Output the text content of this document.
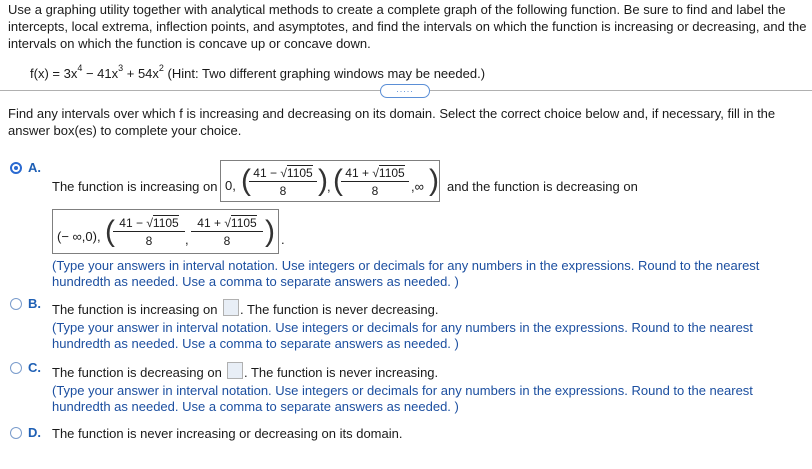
Use a graphing utility together with analytical methods to create a complete graph of the following function. Be sure to find and label the intercepts, local extrema, inflection points, and asymptotes, and find the intervals on which the function is increasing or decreasing, and the intervals on which the function is concave up or concave down.
$f(x) = 3x^4 - 41x^3 + 54x^2$ (Hint: Two different graphing windows may be needed.)
.....
Find any intervals over which f is increasing and decreasing on its domain. Select the correct choice below and, if necessary, fill in the answer box(es) to complete your choice.
A.
The function is increasing on 0, (
$\frac{41 - √1105}{8}$ ) , (
$\frac{41 + √1105}{8}$ ,∞ ) and the function is decreasing on
(− ∞,0), (
$\frac{41 - √1105}{8}$ , $\frac{41 + √1105}{8}$ ) .
(Type your answers in interval notation. Use integers or decimals for any numbers in the expressions. Round to the nearest hundredth as needed. Use a comma to separate answers as needed. )
B. The function is increasing on . The function is never decreasing.
(Type your answer in interval notation. Use integers or decimals for any numbers in the expressions. Round to the nearest hundredth as needed. Use a comma to separate answers as needed. )
C. The function is decreasing on . The function is never increasing.
(Type your answer in interval notation. Use integers or decimals for any numbers in the expressions. Round to the nearest hundredth as needed. Use a comma to separate answers as needed. )
D. The function is never increasing or decreasing on its domain.
